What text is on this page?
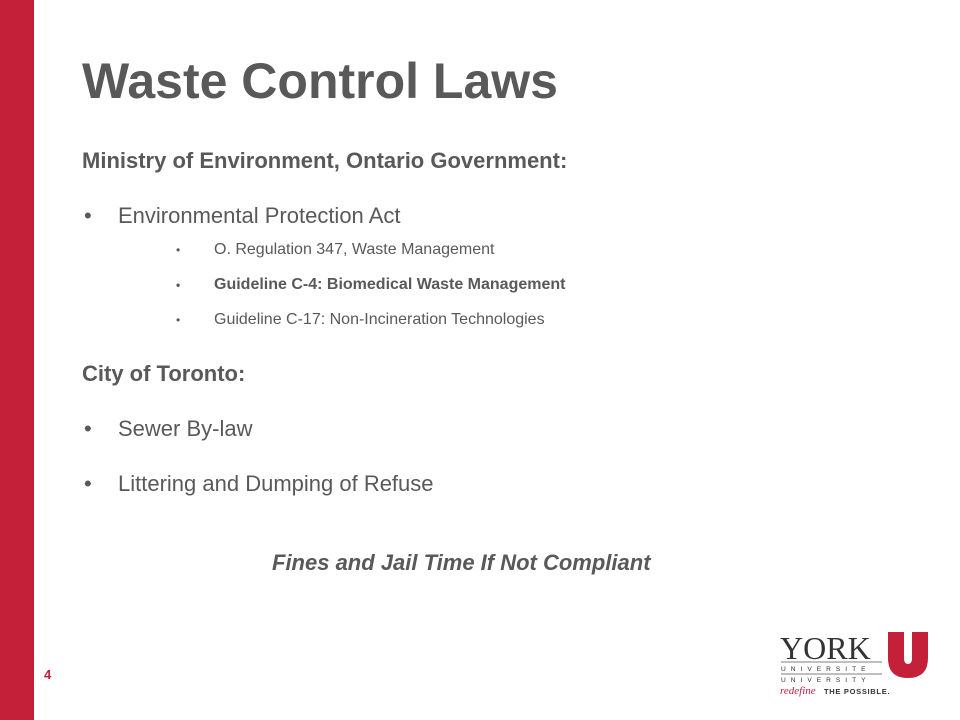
Waste Control Laws
Ministry of Environment, Ontario Government:
• Environmental Protection Act
• O. Regulation 347, Waste Management
• Guideline C-4: Biomedical Waste Management
• Guideline C-17: Non-Incineration Technologies
City of Toronto:
• Sewer By-law
• Littering and Dumping of Refuse
Fines and Jail Time If Not Compliant
4
YORK
UNIVERSITE
UNIVERSITY
redefine THE POSSIBLE.
